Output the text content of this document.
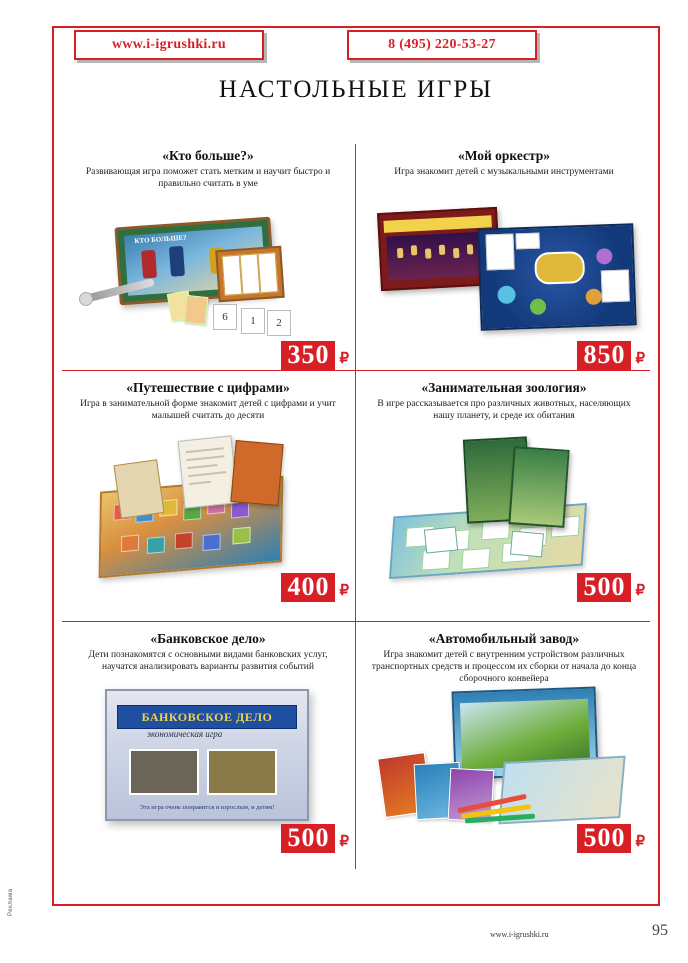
www.i-igrushki.ru	8 (495) 220-53-27
НАСТОЛЬНЫЕ ИГРЫ
«Кто больше?»
Развивающая игра поможет стать метким и научит быстро и правильно считать в уме
КТО БОЛЬШЕ?
6	1	2
350 ₽
«Мой оркестр»
Игра знакомит детей с музыкальными инструментами
850 ₽
«Путешествие с цифрами»
Игра в занимательной форме знакомит детей с цифрами и учит малышей считать до десяти
400 ₽
«Занимательная зоология»
В игре рассказывается про различных животных, населяющих нашу планету, и среде их обитания
500 ₽
«Банковское дело»
Дети познакомятся с основными видами банковских услуг, научатся анализировать варианты развития событий
БАНКОВСКОЕ ДЕЛО
экономическая игра
Эта игра очень понравится и взрослым, и детям!
500 ₽
«Автомобильный завод»
Игра знакомит детей с внутренним устройством различных транспортных средств и процессом их сборки от начала до конца сборочного конвейера
500 ₽
www.i-igrushki.ru	95
Реклама
